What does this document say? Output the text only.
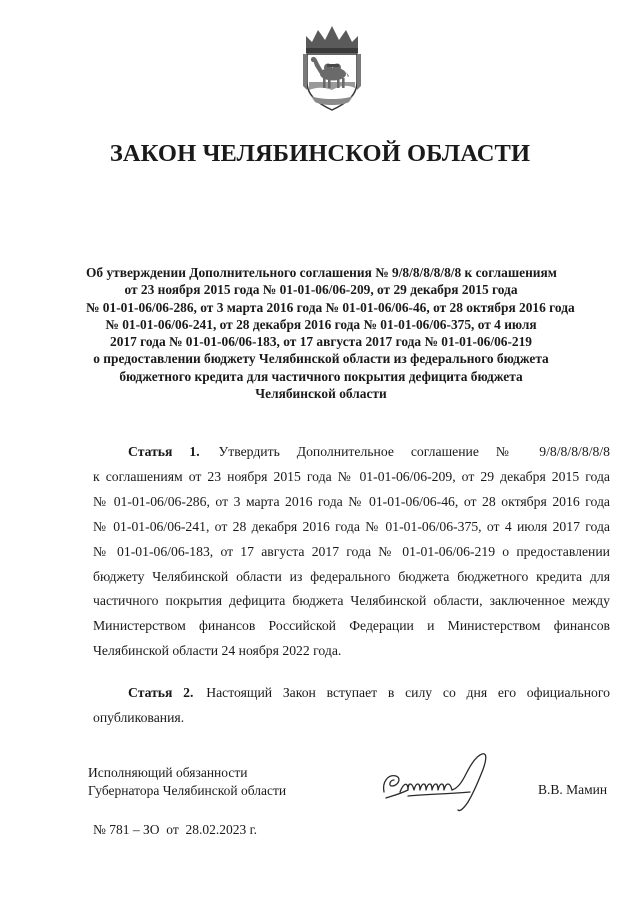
ЗАКОН ЧЕЛЯБИНСКОЙ ОБЛАСТИ
Об утверждении Дополнительного соглашения № 9/8/8/8/8/8/8 к соглашениям
от 23 ноября 2015 года № 01-01-06/06-209, от 29 декабря 2015 года
№ 01-01-06/06-286, от 3 марта 2016 года № 01-01-06/06-46, от 28 октября 2016 года
№ 01-01-06/06-241, от 28 декабря 2016 года № 01-01-06/06-375, от 4 июля
2017 года № 01-01-06/06-183, от 17 августа 2017 года № 01-01-06/06-219
о предоставлении бюджету Челябинской области из федерального бюджета
бюджетного кредита для частичного покрытия дефицита бюджета
Челябинской области
Статья 1. Утвердить Дополнительное соглашение № 9/8/8/8/8/8/8
к соглашениям от 23 ноября 2015 года № 01-01-06/06-209, от 29 декабря 2015 года
№ 01-01-06/06-286, от 3 марта 2016 года № 01-01-06/06-46, от 28 октября 2016 года
№ 01-01-06/06-241, от 28 декабря 2016 года № 01-01-06/06-375, от 4 июля 2017 года
№ 01-01-06/06-183, от 17 августа 2017 года № 01-01-06/06-219 о предоставлении
бюджету Челябинской области из федерального бюджета бюджетного кредита для
частичного покрытия дефицита бюджета Челябинской области, заключенное между
Министерством финансов Российской Федерации и Министерством финансов
Челябинской области 24 ноября 2022 года.
Статья 2. Настоящий Закон вступает в силу со дня его официального
опубликования.
Исполняющий обязанности
Губернатора Челябинской области	В.В. Мамин
№ 781 – ЗО  от  28.02.2023 г.
